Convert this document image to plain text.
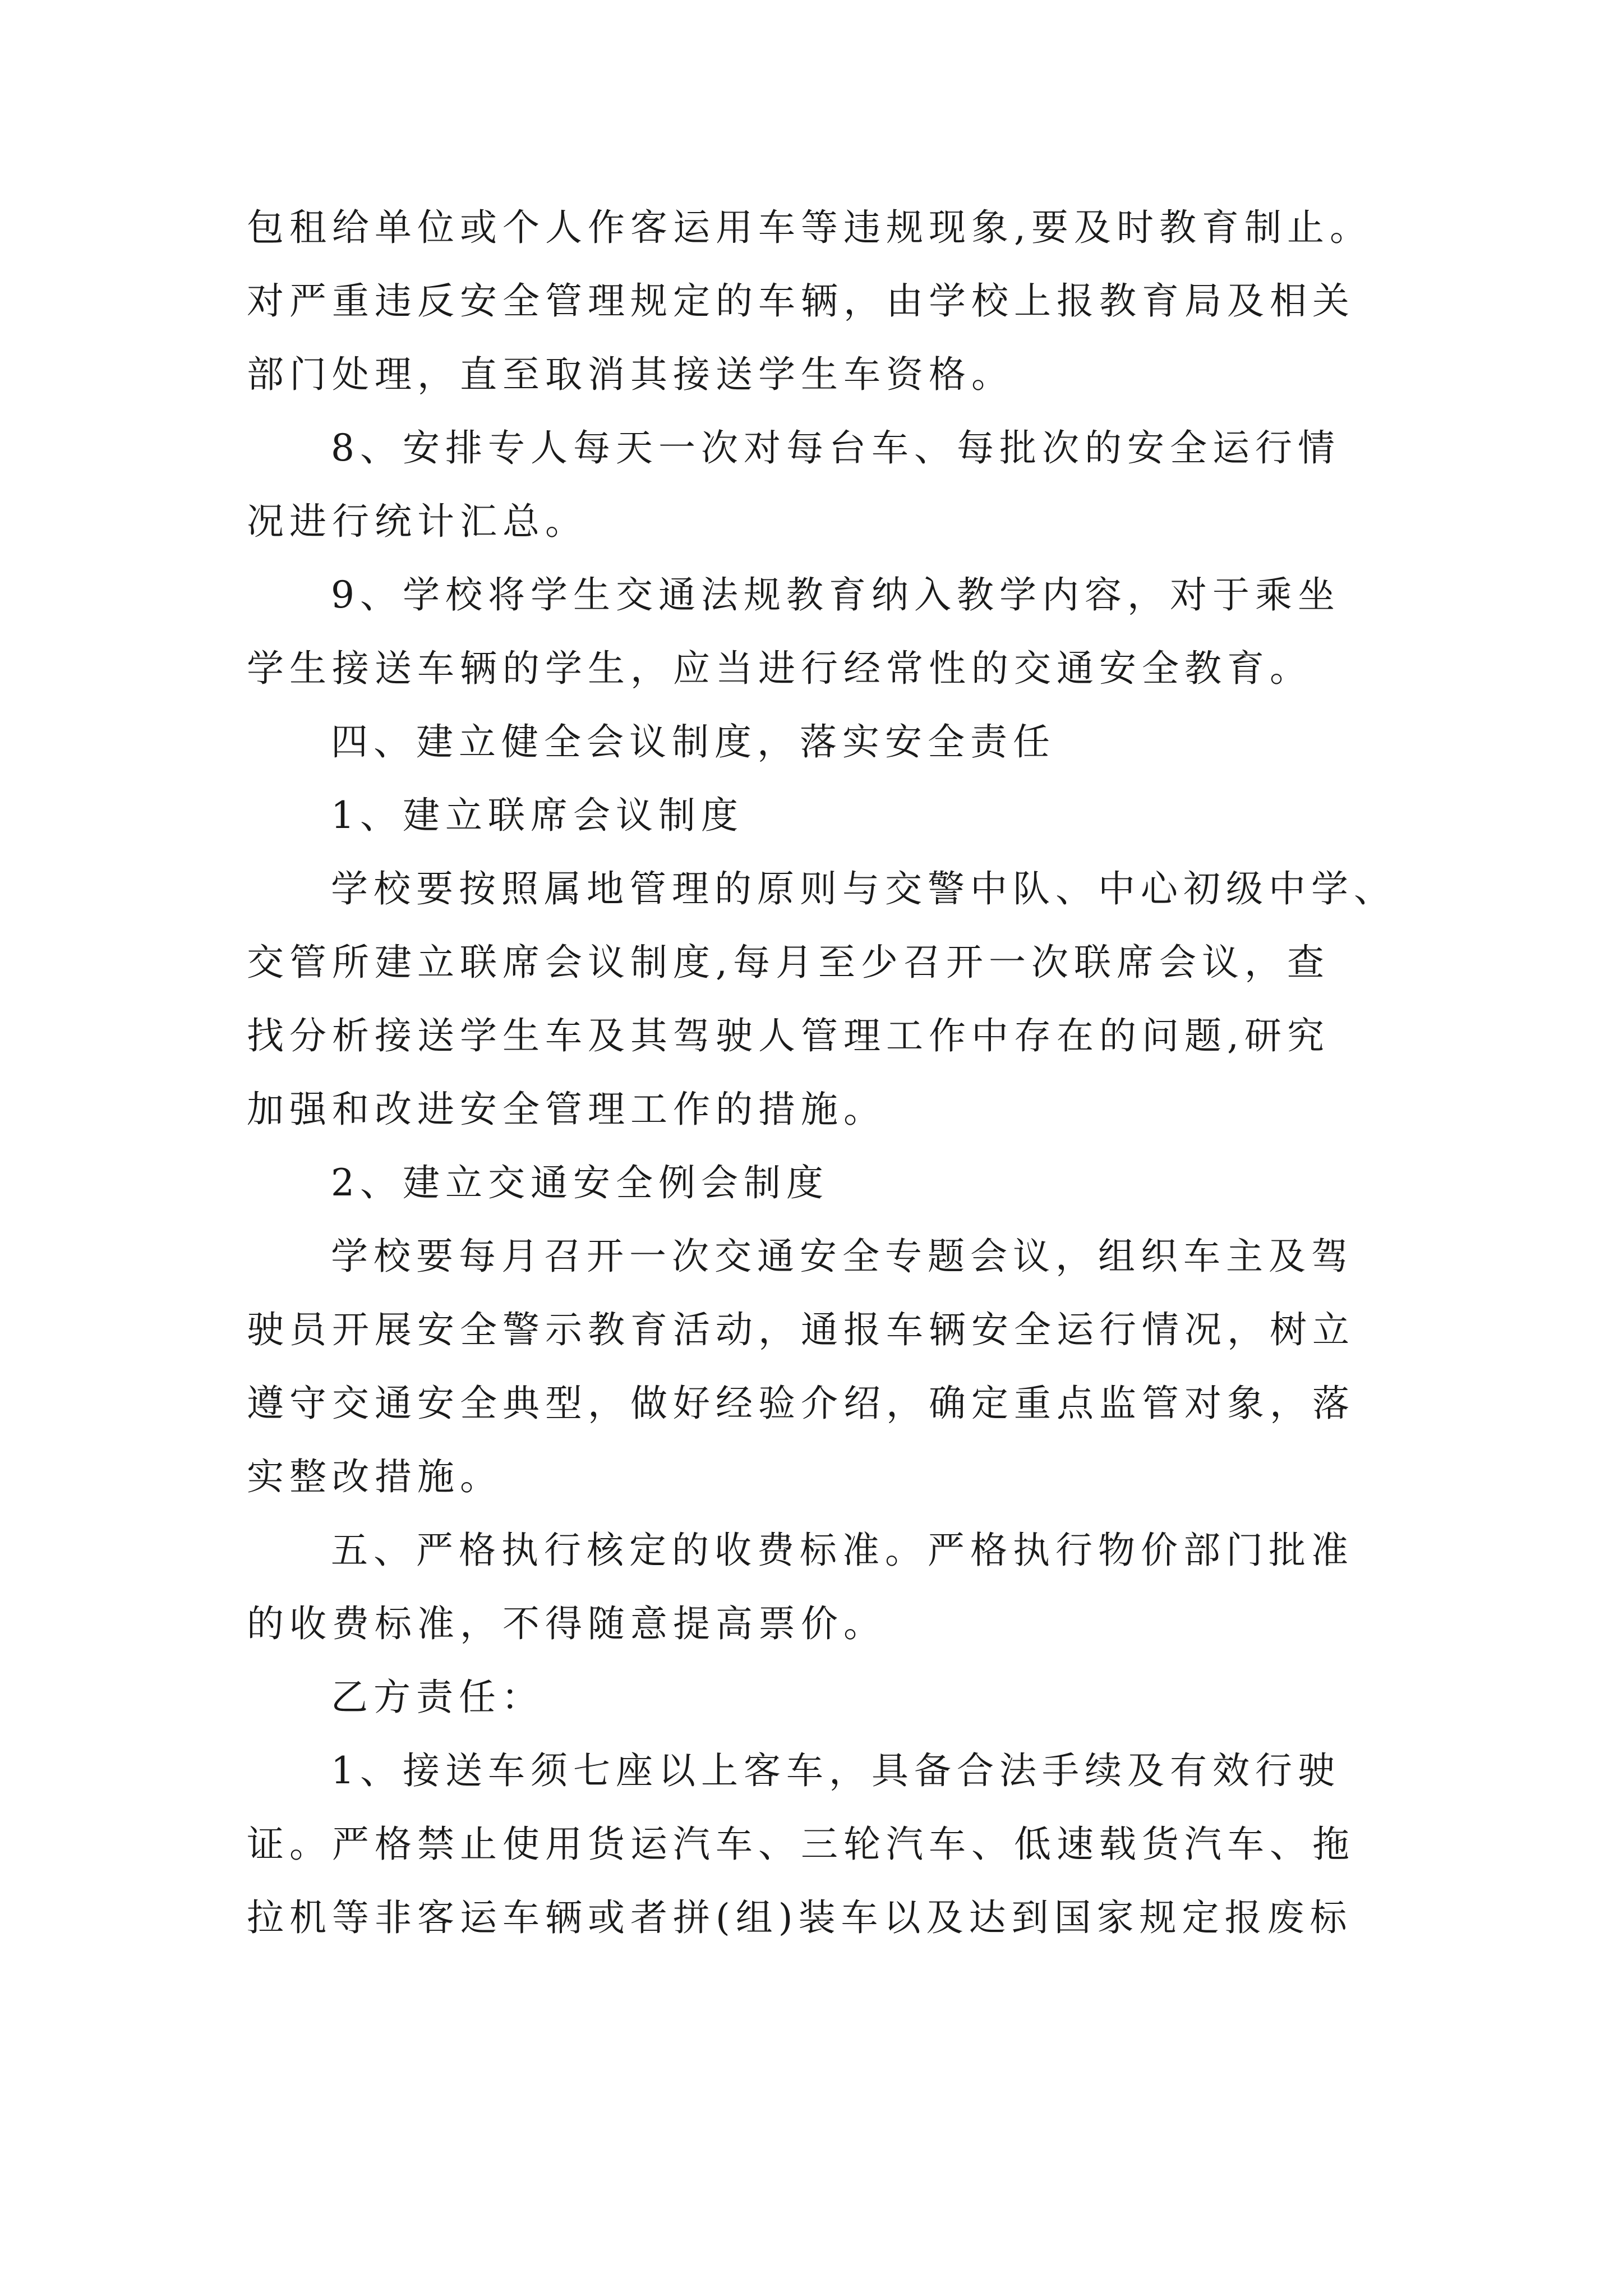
包租给单位或个人作客运用车等违规现象,要及时教育制止。
对严重违反安全管理规定的车辆，由学校上报教育局及相关
部门处理，直至取消其接送学生车资格。
8、安排专人每天一次对每台车、每批次的安全运行情
况进行统计汇总。
9、学校将学生交通法规教育纳入教学内容，对于乘坐
学生接送车辆的学生，应当进行经常性的交通安全教育。
四、建立健全会议制度，落实安全责任
1、建立联席会议制度
学校要按照属地管理的原则与交警中队、中心初级中学、
交管所建立联席会议制度,每月至少召开一次联席会议，查
找分析接送学生车及其驾驶人管理工作中存在的问题,研究
加强和改进安全管理工作的措施。
2、建立交通安全例会制度
学校要每月召开一次交通安全专题会议，组织车主及驾
驶员开展安全警示教育活动，通报车辆安全运行情况，树立
遵守交通安全典型，做好经验介绍，确定重点监管对象，落
实整改措施。
五、严格执行核定的收费标准。严格执行物价部门批准
的收费标准，不得随意提高票价。
乙方责任：
1、接送车须七座以上客车，具备合法手续及有效行驶
证。严格禁止使用货运汽车、三轮汽车、低速载货汽车、拖
拉机等非客运车辆或者拼(组)装车以及达到国家规定报废标
